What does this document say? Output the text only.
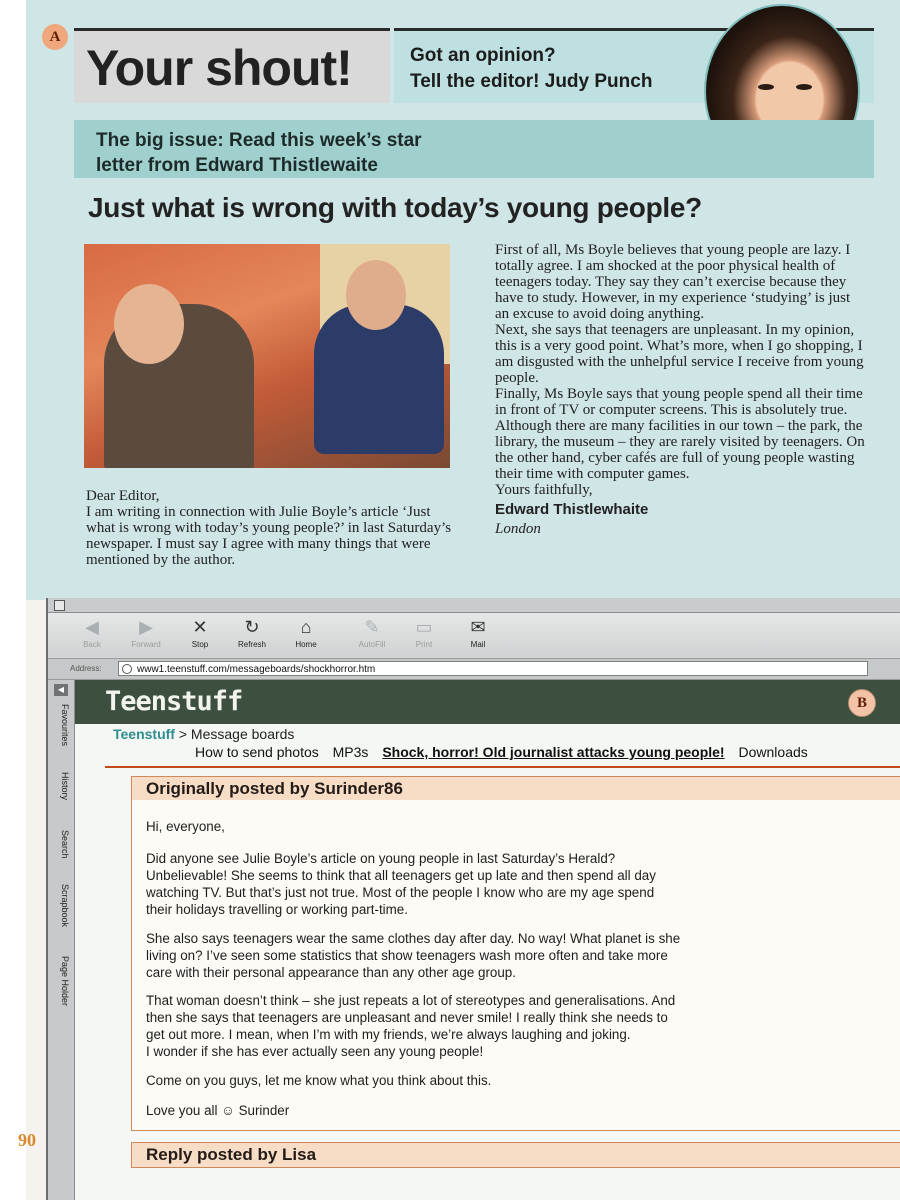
A
Your shout!	Got an opinion?
Tell the editor! Judy Punch
The big issue: Read this week’s star
letter from Edward Thistlewaite
Just what is wrong with today’s young people?

Dear Editor,

I am writing in connection with Julie Boyle’s article ‘Just what is wrong with today’s young people?’ in last Saturday’s newspaper. I must say I agree with many things that were mentioned by the author.

First of all, Ms Boyle believes that young people are lazy. I totally agree. I am shocked at the poor physical health of teenagers today. They say they can’t exercise because they have to study. However, in my experience ‘studying’ is just an excuse to avoid doing anything.

Next, she says that teenagers are unpleasant. In my opinion, this is a very good point. What’s more, when I go shopping, I am disgusted with the unhelpful service I receive from young people.

Finally, Ms Boyle says that young people spend all their time in front of TV or computer screens. This is absolutely true. Although there are many facilities in our town – the park, the library, the museum – they are rarely visited by teenagers. On the other hand, cyber cafés are full of young people wasting their time with computer games.

Yours faithfully,

Edward Thistlewhaite

London

◀
Back
▶
Forward
✕
Stop
↻
Refresh
⌂
Home
✎
AutoFill
▭
Print
✉
Mail
Address:	www1.teenstuff.com/messageboards/shockhorror.htm
◀
Favourites
History
Search
Scrapbook
Page Holder
Teenstuff
Teenstuff > Message boards
How to send photos MP3s Shock, horror! Old journalist attacks young people! Downloads
Originally posted by Surinder86

Hi, everyone,

Did anyone see Julie Boyle’s article on young people in last Saturday’s Herald?
Unbelievable! She seems to think that all teenagers get up late and then spend all day
watching TV. But that’s just not true. Most of the people I know who are my age spend
their holidays travelling or working part-time.

She also says teenagers wear the same clothes day after day. No way! What planet is she
living on? I’ve seen some statistics that show teenagers wash more often and take more
care with their personal appearance than any other age group.

That woman doesn’t think – she just repeats a lot of stereotypes and generalisations. And
then she says that teenagers are unpleasant and never smile! I really think she needs to
get out more. I mean, when I’m with my friends, we’re always laughing and joking.
I wonder if she has ever actually seen any young people!

Come on you guys, let me know what you think about this.

Love you all ☺ Surinder

Reply posted by Lisa
B
90
